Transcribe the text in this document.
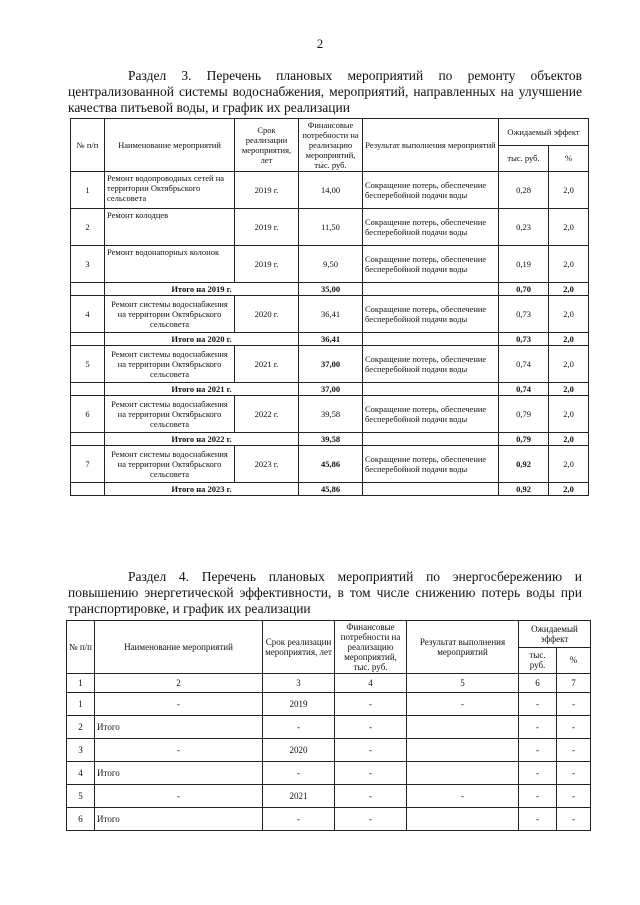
2
Раздел 3. Перечень плановых мероприятий по ремонту объектов централизованной системы водоснабжения, мероприятий, направленных на улучшение качества питьевой воды, и график их реализации
№ п/п	Наименование мероприятий	Срок реализации мероприятия, лет	Финансовые потребности на реализацию мероприятий, тыс. руб.	Результат выполнения мероприятий	Ожидаемый эффект	
					тыс. руб.	%
1	Ремонт водопроводных сетей на территории Октябрьского сельсовета	2019 г.	14,00	Сокращение потерь, обеспечение бесперебойной подачи воды	0,28	2,0
2	Ремонт колодцев	2019 г.	11,50	Сокращение потерь, обеспечение бесперебойной подачи воды	0,23	2,0
3	Ремонт водонапорных колонок	2019 г.	9,50	Сокращение потерь, обеспечение бесперебойной подачи воды	0,19	2,0
	Итого на 2019 г.		35,00		0,70	2,0
4	Ремонт системы водоснабжения на территории Октябрьского сельсовета	2020 г.	36,41	Сокращение потерь, обеспечение бесперебойной подачи воды	0,73	2,0
	Итого на 2020 г.		36,41		0,73	2,0
5	Ремонт системы водоснабжения на территории Октябрьского сельсовета	2021 г.	37,00	Сокращение потерь, обеспечение бесперебойной подачи воды	0,74	2,0
	Итого на 2021 г.		37,00		0,74	2,0
6	Ремонт системы водоснабжения на территории Октябрьского сельсовета	2022 г.	39,58	Сокращение потерь, обеспечение бесперебойной подачи воды	0,79	2,0
	Итого на 2022 г.		39,58		0,79	2,0
7	Ремонт системы водоснабжения на территории Октябрьского сельсовета	2023 г.	45,86	Сокращение потерь, обеспечение бесперебойной подачи воды	0,92	2,0
	Итого на 2023 г.		45,86		0,92	2,0
Раздел 4. Перечень плановых мероприятий по энергосбережению и повышению энергетической эффективности, в том числе снижению потерь воды при транспортировке, и график их реализации
№ п/п	Наименование мероприятий	Срок реализации мероприятия, лет	Финансовые потребности на реализацию мероприятий, тыс. руб.	Результат выполнения мероприятий	Ожидаемый эффект	
					тыс. руб.	%
1	2	3	4	5	6	7
1	-	2019	-	-	-	-
2	Итого	-	-		-	-
3	-	2020	-		-	-
4	Итого	-	-		-	-
5	-	2021	-	-	-	-
6	Итого	-	-		-	-
